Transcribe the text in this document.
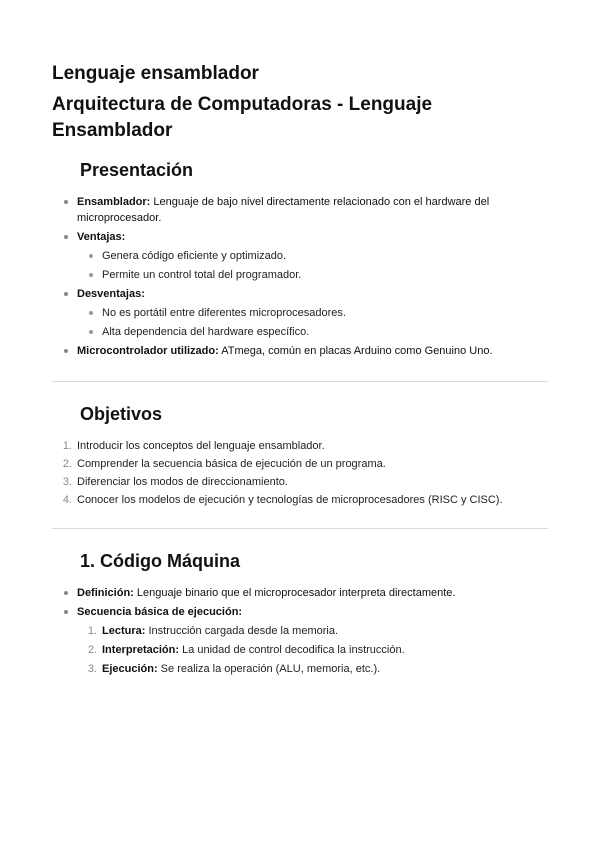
Lenguaje ensamblador
Arquitectura de Computadoras - Lenguaje Ensamblador
Presentación
Ensamblador: Lenguaje de bajo nivel directamente relacionado con el hardware del microprocesador.
Ventajas:
Genera código eficiente y optimizado.
Permite un control total del programador.
Desventajas:
No es portátil entre diferentes microprocesadores.
Alta dependencia del hardware específico.
Microcontrolador utilizado: ATmega, común en placas Arduino como Genuino Uno.
Objetivos
1. Introducir los conceptos del lenguaje ensamblador.
2. Comprender la secuencia básica de ejecución de un programa.
3. Diferenciar los modos de direccionamiento.
4. Conocer los modelos de ejecución y tecnologías de microprocesadores (RISC y CISC).
1. Código Máquina
Definición: Lenguaje binario que el microprocesador interpreta directamente.
Secuencia básica de ejecución:
1. Lectura: Instrucción cargada desde la memoria.
2. Interpretación: La unidad de control decodifica la instrucción.
3. Ejecución: Se realiza la operación (ALU, memoria, etc.).
